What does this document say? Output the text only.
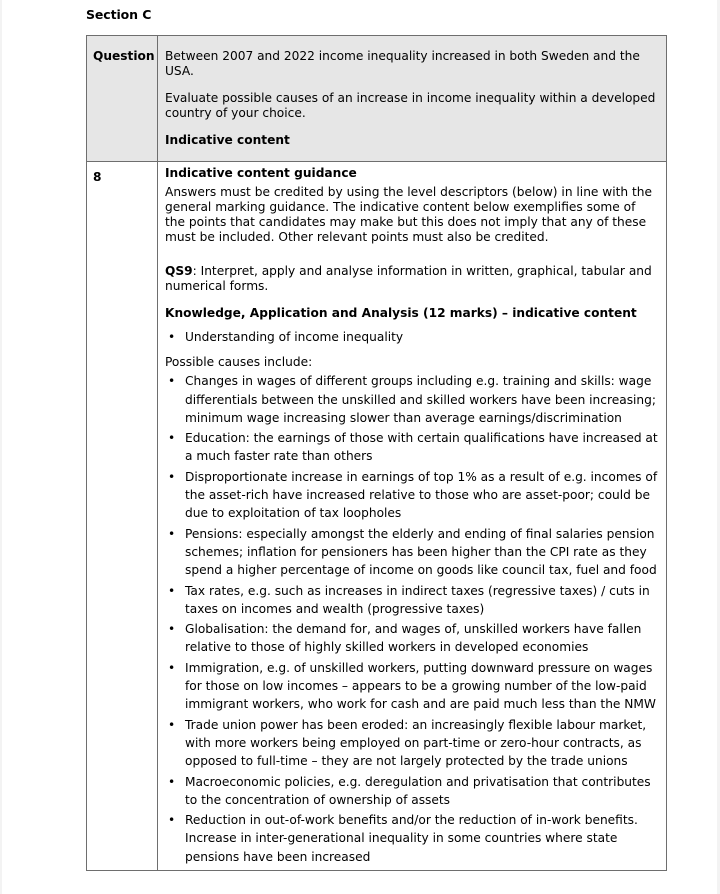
Section C
Question	Between 2007 and 2022 income inequality increased in both Sweden and the USA.

Evaluate possible causes of an increase in income inequality within a developed country of your choice.

Indicative content

8	Indicative content guidance

Answers must be credited by using the level descriptors (below) in line with the general marking guidance. The indicative content below exemplifies some of the points that candidates may make but this does not imply that any of these must be included. Other relevant points must also be credited.

QS9: Interpret, apply and analyse information in written, graphical, tabular and numerical forms.

Knowledge, Application and Analysis (12 marks) – indicative content

• Understanding of income inequality

Possible causes include:

• Changes in wages of different groups including e.g. training and skills: wage differentials between the unskilled and skilled workers have been increasing; minimum wage increasing slower than average earnings/discrimination
• Education: the earnings of those with certain qualifications have increased at a much faster rate than others
• Disproportionate increase in earnings of top 1% as a result of e.g. incomes of the asset-rich have increased relative to those who are asset-poor; could be due to exploitation of tax loopholes
• Pensions: especially amongst the elderly and ending of final salaries pension schemes; inflation for pensioners has been higher than the CPI rate as they spend a higher percentage of income on goods like council tax, fuel and food
• Tax rates, e.g. such as increases in indirect taxes (regressive taxes) / cuts in taxes on incomes and wealth (progressive taxes)
• Globalisation: the demand for, and wages of, unskilled workers have fallen relative to those of highly skilled workers in developed economies
• Immigration, e.g. of unskilled workers, putting downward pressure on wages for those on low incomes – appears to be a growing number of the low-paid immigrant workers, who work for cash and are paid much less than the NMW
• Trade union power has been eroded: an increasingly flexible labour market, with more workers being employed on part-time or zero-hour contracts, as opposed to full-time – they are not largely protected by the trade unions
• Macroeconomic policies, e.g. deregulation and privatisation that contributes to the concentration of ownership of assets
• Reduction in out-of-work benefits and/or the reduction of in-work benefits. Increase in inter-generational inequality in some countries where state pensions have been increased
